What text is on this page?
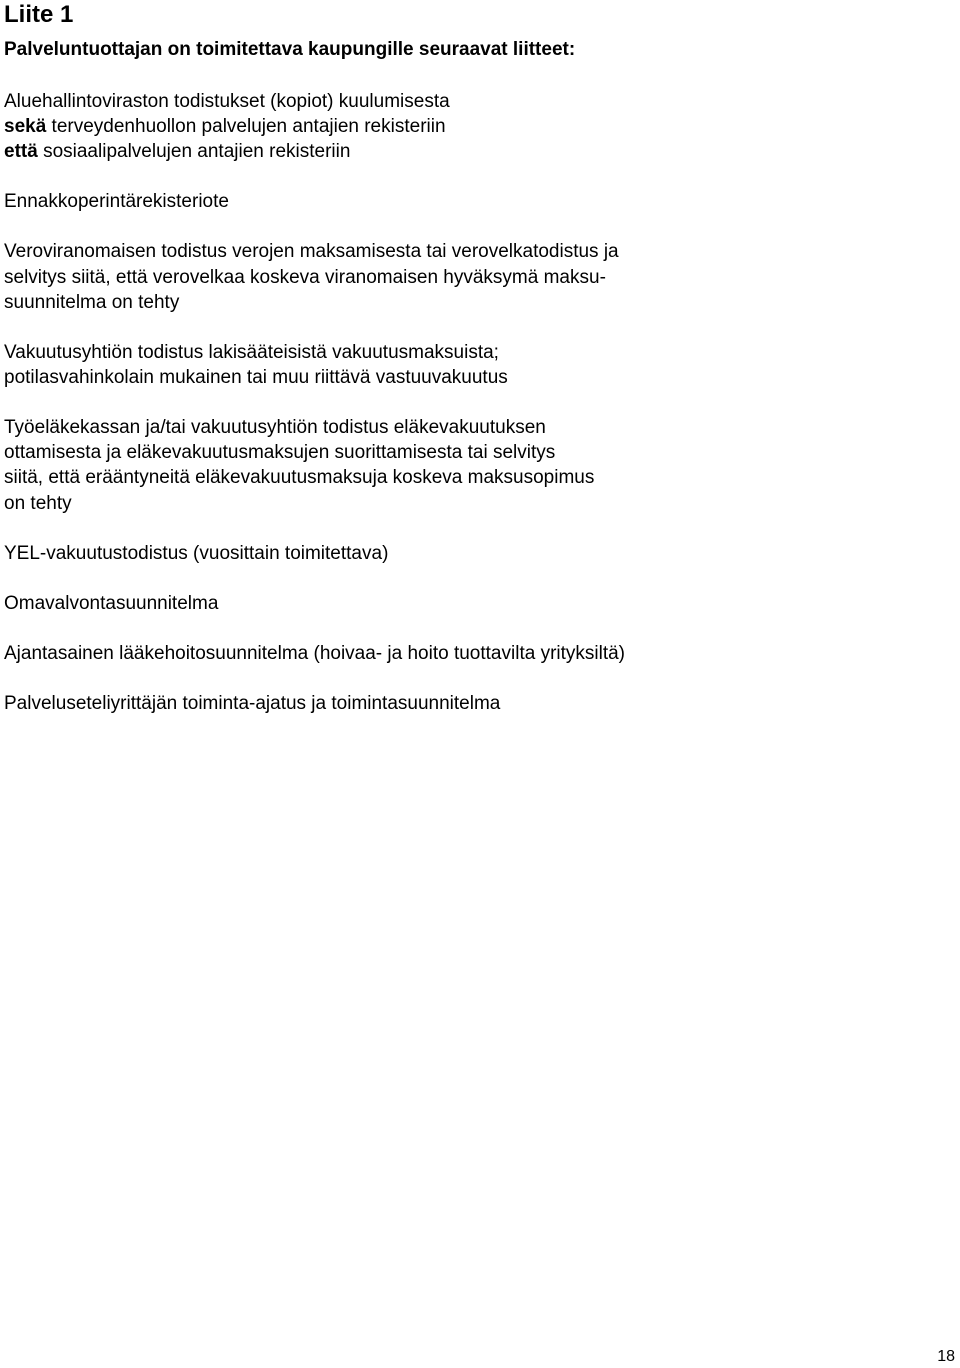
Liite 1

Palveluntuottajan on toimitettava kaupungille seuraavat liitteet:

Aluehallintoviraston todistukset (kopiot) kuulumisesta
sekä terveydenhuollon palvelujen antajien rekisteriin
että sosiaalipalvelujen antajien rekisteriin
Ennakkoperintärekisteriote
Veroviranomaisen todistus verojen maksamisesta tai verovelkatodistus ja
selvitys siitä, että verovelkaa koskeva viranomaisen hyväksymä maksu-
suunnitelma on tehty
Vakuutusyhtiön todistus lakisääteisistä vakuutusmaksuista;
potilasvahinkolain mukainen tai muu riittävä vastuuvakuutus
Työeläkekassan ja/tai vakuutusyhtiön todistus eläkevakuutuksen
ottamisesta ja eläkevakuutusmaksujen suorittamisesta tai selvitys
siitä, että erääntyneitä eläkevakuutusmaksuja koskeva maksusopimus
on tehty
YEL-vakuutustodistus (vuosittain toimitettava)
Omavalvontasuunnitelma
Ajantasainen lääkehoitosuunnitelma (hoivaa- ja hoito tuottavilta yrityksiltä)
Palveluseteliyrittäjän toiminta-ajatus ja toimintasuunnitelma
18
